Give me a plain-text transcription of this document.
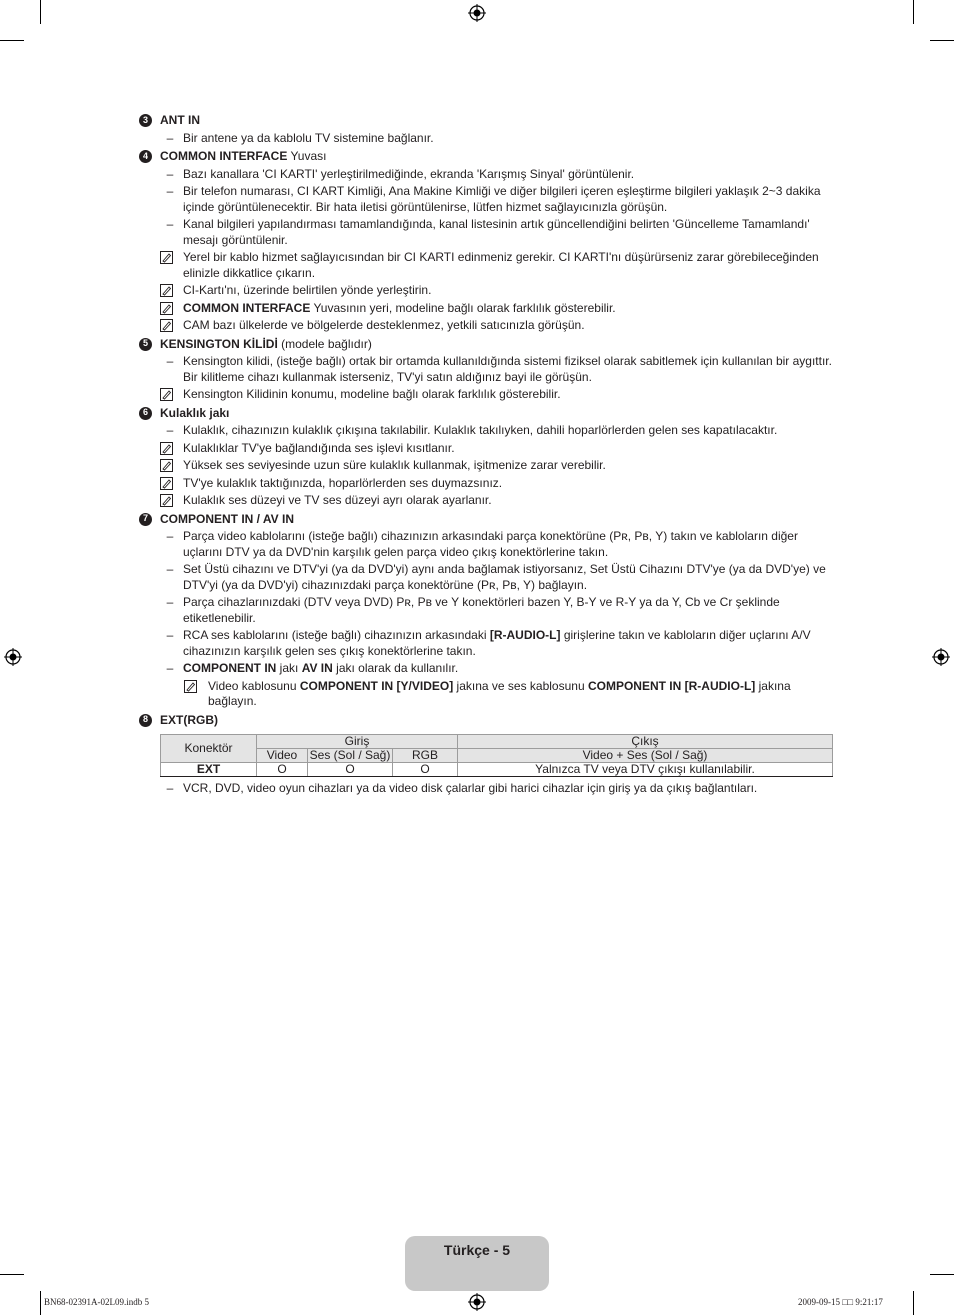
3	ANT IN
– Bir antene ya da kablolu TV sistemine bağlanır.
4	COMMON INTERFACE Yuvası
– Bazı kanallara 'CI KARTI' yerleştirilmediğinde, ekranda 'Karışmış Sinyal' görüntülenir.
– Bir telefon numarası, CI KART Kimliği, Ana Makine Kimliği ve diğer bilgileri içeren eşleştirme bilgileri yaklaşık 2~3 dakika içinde görüntülenecektir. Bir hata iletisi görüntülenirse, lütfen hizmet sağlayıcınızla görüşün.
– Kanal bilgileri yapılandırması tamamlandığında, kanal listesinin artık güncellendiğini belirten 'Güncelleme Tamamlandı' mesajı görüntülenir.
Yerel bir kablo hizmet sağlayıcısından bir CI KARTI edinmeniz gerekir. CI KARTI'nı düşürürseniz zarar görebileceğinden elinizle dikkatlice çıkarın.
CI-Kartı'nı, üzerinde belirtilen yönde yerleştirin.
COMMON INTERFACE Yuvasının yeri, modeline bağlı olarak farklılık gösterebilir.
CAM bazı ülkelerde ve bölgelerde desteklenmez, yetkili satıcınızla görüşün.
5	KENSINGTON KİLİDİ (modele bağlıdır)
– Kensington kilidi, (isteğe bağlı) ortak bir ortamda kullanıldığında sistemi fiziksel olarak sabitlemek için kullanılan bir aygıttır. Bir kilitleme cihazı kullanmak isterseniz, TV'yi satın aldığınız bayi ile görüşün.
Kensington Kilidinin konumu, modeline bağlı olarak farklılık gösterebilir.
6	Kulaklık jakı
– Kulaklık, cihazınızın kulaklık çıkışına takılabilir. Kulaklık takılıyken, dahili hoparlörlerden gelen ses kapatılacaktır.
Kulaklıklar TV'ye bağlandığında ses işlevi kısıtlanır.
Yüksek ses seviyesinde uzun süre kulaklık kullanmak, işitmenize zarar verebilir.
TV'ye kulaklık taktığınızda, hoparlörlerden ses duymazsınız.
Kulaklık ses düzeyi ve TV ses düzeyi ayrı olarak ayarlanır.
7	COMPONENT IN / AV IN
– Parça video kablolarını (isteğe bağlı) cihazınızın arkasındaki parça konektörüne (Pʀ, Pʙ, Y) takın ve kabloların diğer uçlarını DTV ya da DVD'nin karşılık gelen parça video çıkış konektörlerine takın.
– Set Üstü cihazını ve DTV'yi (ya da DVD'yi) aynı anda bağlamak istiyorsanız, Set Üstü Cihazını DTV'ye (ya da DVD'ye) ve DTV'yi (ya da DVD'yi) cihazınızdaki parça konektörüne (Pʀ, Pʙ, Y) bağlayın.
– Parça cihazlarınızdaki (DTV veya DVD) Pʀ, Pʙ ve Y konektörleri bazen Y, B-Y ve R-Y ya da Y, Cb ve Cr şeklinde etiketlenebilir.
– RCA ses kablolarını (isteğe bağlı) cihazınızın arkasındaki [R-AUDIO-L] girişlerine takın ve kabloların diğer uçlarını A/V cihazınızın karşılık gelen ses çıkış konektörlerine takın.
– COMPONENT IN jakı AV IN jakı olarak da kullanılır.
Video kablosunu COMPONENT IN [Y/VIDEO] jakına ve ses kablosunu COMPONENT IN [R-AUDIO-L] jakına bağlayın.
8	EXT(RGB)
Konektör	Giriş			Çıkış
	Video	Ses (Sol / Sağ)	RGB	Video + Ses (Sol / Sağ)
EXT	O	O	O	Yalnızca TV veya DTV çıkışı kullanılabilir.
– VCR, DVD, video oyun cihazları ya da video disk çalarlar gibi harici cihazlar için giriş ya da çıkış bağlantıları.
Türkçe - 5
BN68-02391A-02L09.indb 5	2009-09-15 □□ 9:21:17
